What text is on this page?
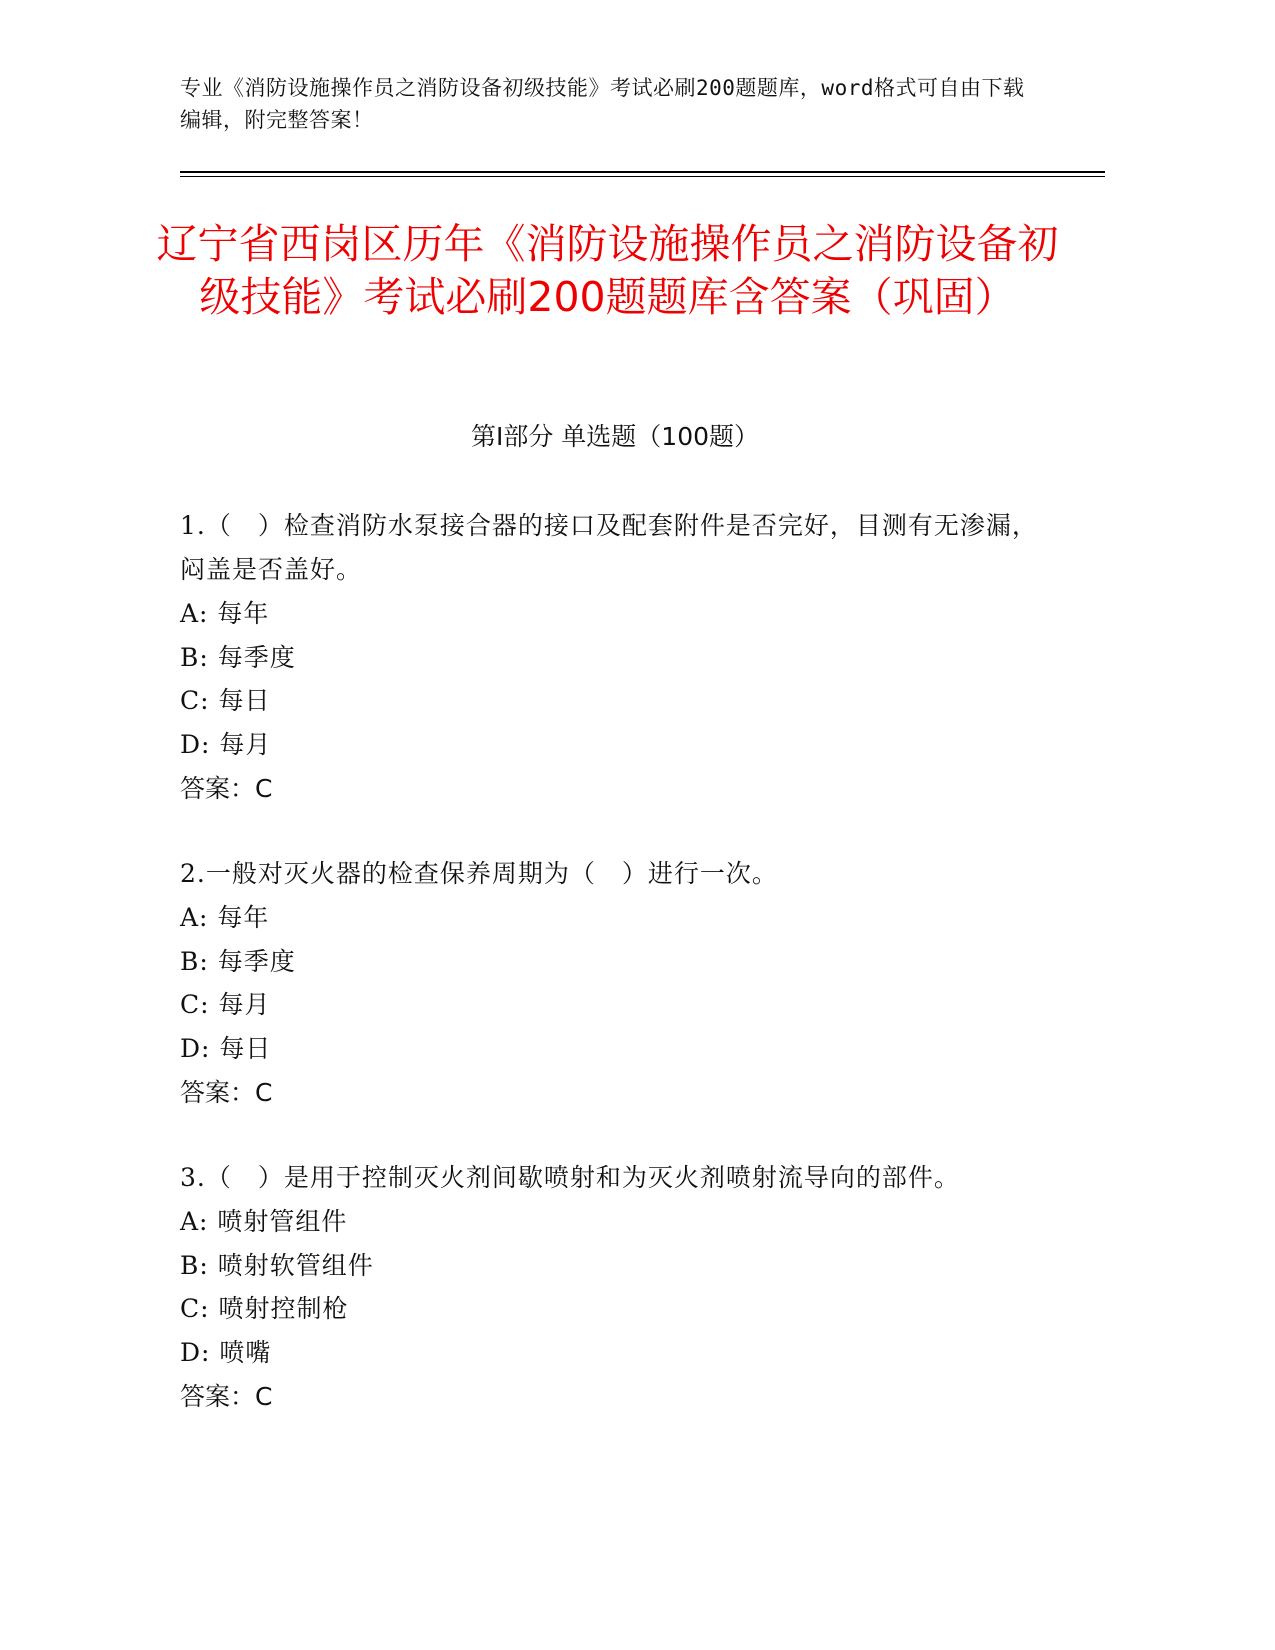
专业《消防设施操作员之消防设备初级技能》考试必刷200题题库，word格式可自由下载编辑，附完整答案！
辽宁省西岗区历年《消防设施操作员之消防设备初级技能》考试必刷200题题库含答案（巩固）
第Ⅰ部分 单选题（100题）
1.（　）检查消防水泵接合器的接口及配套附件是否完好，目测有无渗漏，闷盖是否盖好。
A: 每年
B: 每季度
C: 每日
D: 每月
答案：C
2.一般对灭火器的检查保养周期为（　）进行一次。
A: 每年
B: 每季度
C: 每月
D: 每日
答案：C
3.（　）是用于控制灭火剂间歇喷射和为灭火剂喷射流导向的部件。
A: 喷射管组件
B: 喷射软管组件
C: 喷射控制枪
D: 喷嘴
答案：C
